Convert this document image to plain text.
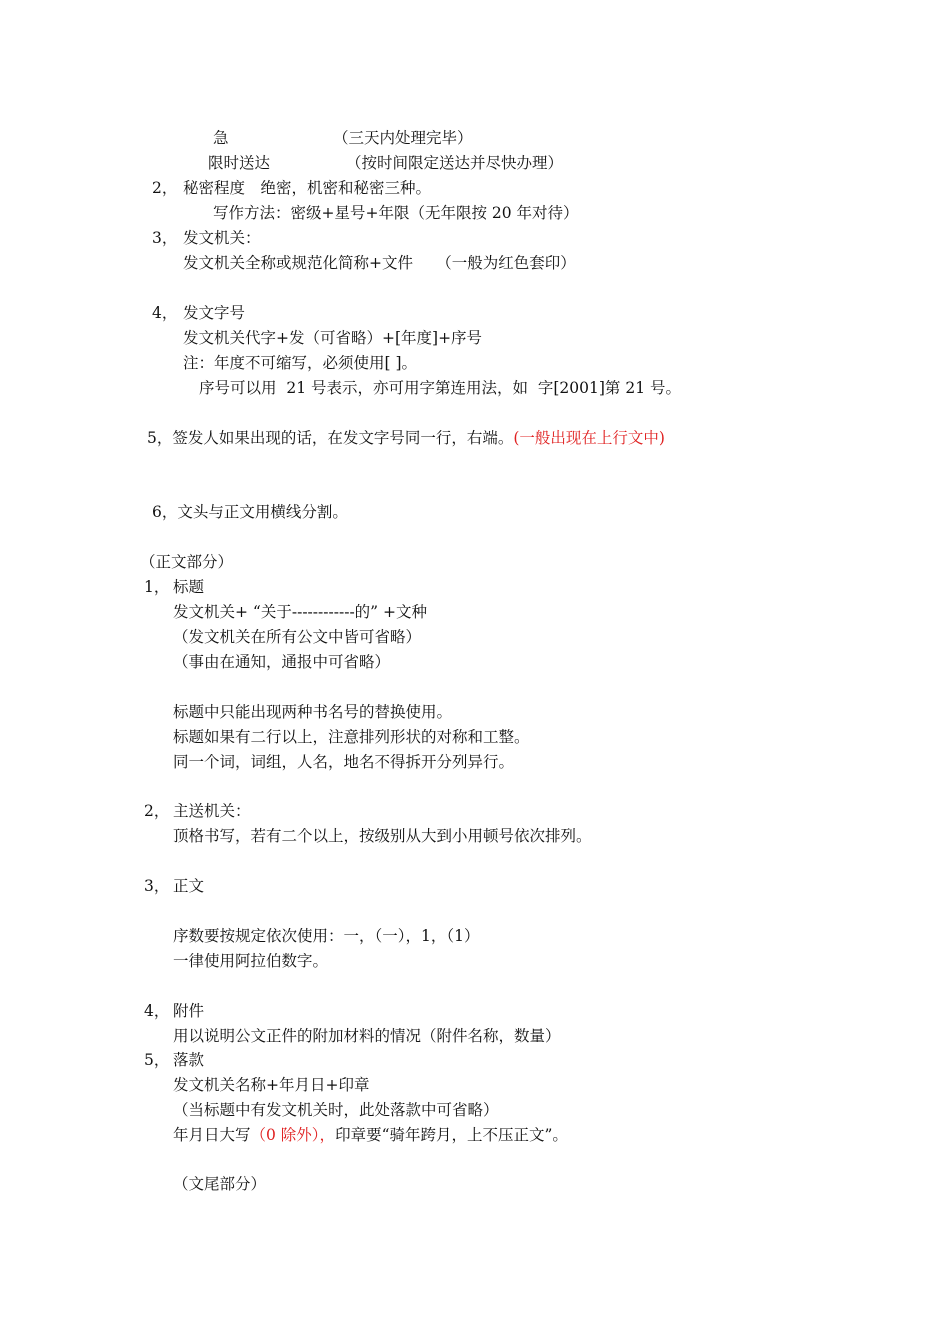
急	（三天内处理完毕）
限时送达	（按时间限定送达并尽快办理）
2， 秘密程度　绝密，机密和秘密三种。
写作方法：密级+星号+年限（无年限按 20 年对待）
3， 发文机关：
发文机关全称或规范化简称+文件　　（一般为红色套印）
4， 发文字号
发文机关代字+发（可省略）+[年度]+序号
注：年度不可缩写，必须使用[ ]。
序号可以用  21 号表示，亦可用字第连用法，如  字[2001]第 21 号。
5，签发人如果出现的话，在发文字号同一行，右端。(一般出现在上行文中)
6，文头与正文用横线分割。
（正文部分）
1， 标题
发文机关+ “关于------------的” +文种
（发文机关在所有公文中皆可省略）
（事由在通知，通报中可省略）
标题中只能出现两种书名号的替换使用。
标题如果有二行以上，注意排列形状的对称和工整。
同一个词，词组，人名，地名不得拆开分列异行。
2， 主送机关：
顶格书写，若有二个以上，按级别从大到小用顿号依次排列。
3， 正文
序数要按规定依次使用：一，（一），1，（1）
一律使用阿拉伯数字。
4， 附件
用以说明公文正件的附加材料的情况（附件名称，数量）
5， 落款
发文机关名称+年月日+印章
（当标题中有发文机关时，此处落款中可省略）
年月日大写（0 除外），印章要“骑年跨月，上不压正文”。
（文尾部分）
